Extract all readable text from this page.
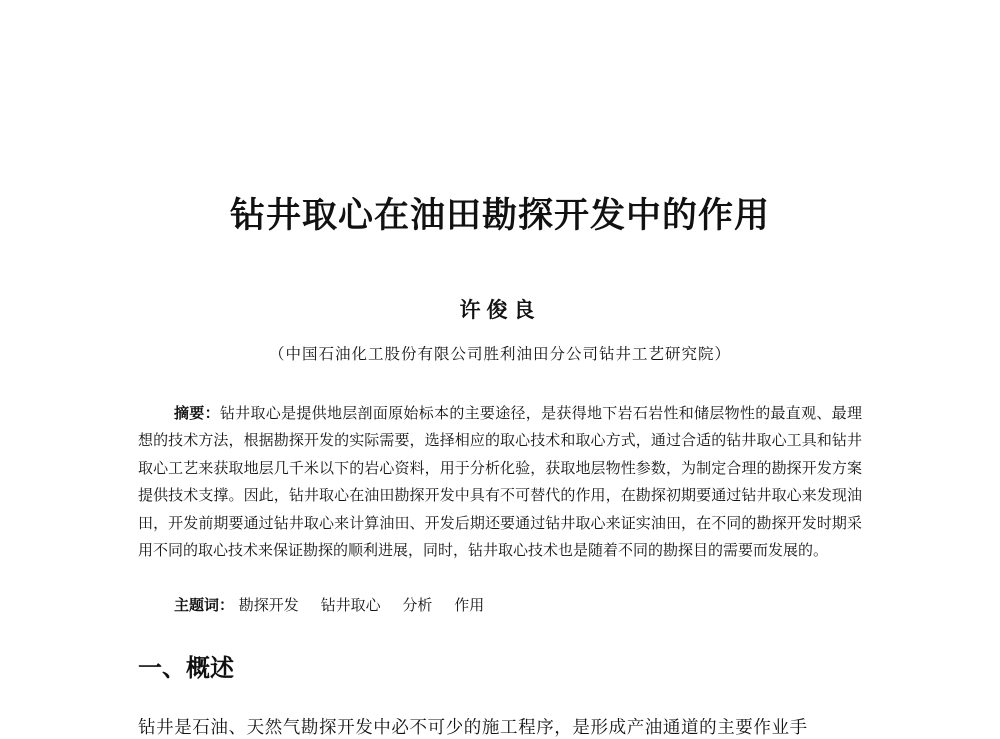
钻井取心在油田勘探开发中的作用
许俊良
（中国石油化工股份有限公司胜利油田分公司钻井工艺研究院）

摘要：钻井取心是提供地层剖面原始标本的主要途径，是获得地下岩石岩性和储层物性的最直观、最理想的技术方法，根据勘探开发的实际需要，选择相应的取心技术和取心方式，通过合适的钻井取心工具和钻井取心工艺来获取地层几千米以下的岩心资料，用于分析化验，获取地层物性参数，为制定合理的勘探开发方案提供技术支撑。因此，钻井取心在油田勘探开发中具有不可替代的作用，在勘探初期要通过钻井取心来发现油田，开发前期要通过钻井取心来计算油田、开发后期还要通过钻井取心来证实油田，在不同的勘探开发时期采用不同的取心技术来保证勘探的顺利进展，同时，钻井取心技术也是随着不同的勘探目的需要而发展的。

主题词： 勘探开发 钻井取心 分析 作用
一、概述
钻井是石油、天然气勘探开发中必不可少的施工程序，是形成产油通道的主要作业手
